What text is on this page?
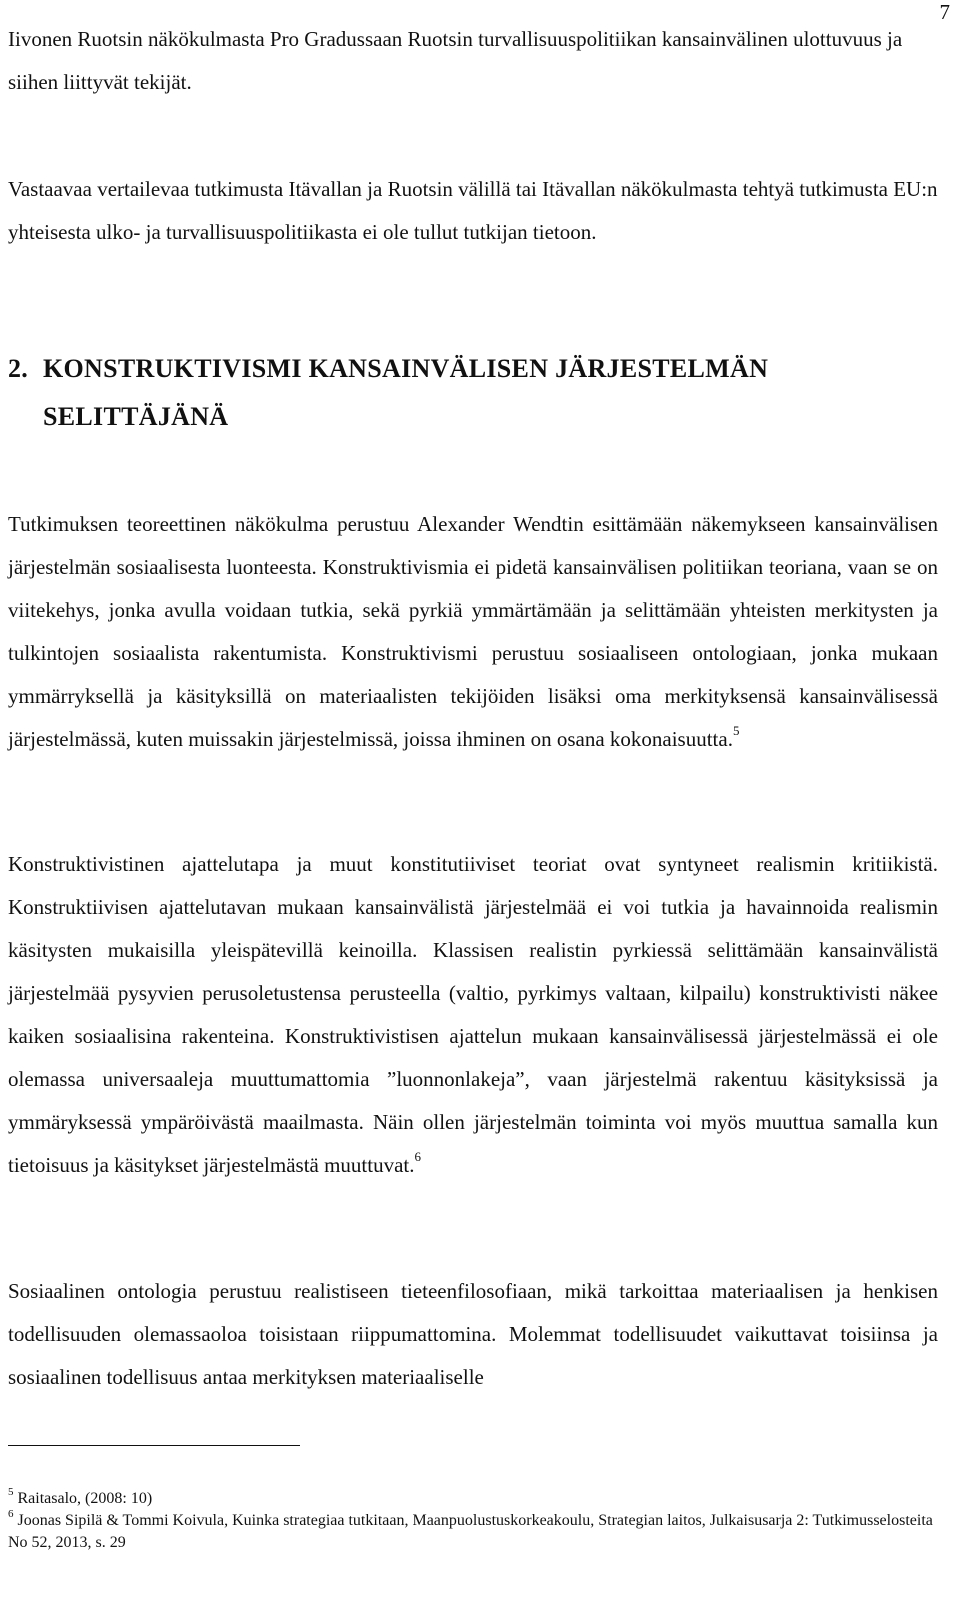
7

Iivonen Ruotsin näkökulmasta Pro Gradussaan Ruotsin turvallisuuspolitiikan kansainvälinen ulottuvuus ja siihen liittyvät tekijät.

Vastaavaa vertailevaa tutkimusta Itävallan ja Ruotsin välillä tai Itävallan näkökulmasta tehtyä tutkimusta EU:n yhteisesta ulko- ja turvallisuuspolitiikasta ei ole tullut tutkijan tietoon.

2. KONSTRUKTIVISMI KANSAINVÄLISEN JÄRJESTELMÄN
SELITTÄJÄNÄ

Tutkimuksen teoreettinen näkökulma perustuu Alexander Wendtin esittämään näkemykseen kansainvälisen järjestelmän sosiaalisesta luonteesta. Konstruktivismia ei pidetä kansainvälisen politiikan teoriana, vaan se on viitekehys, jonka avulla voidaan tutkia, sekä pyrkiä ymmärtämään ja selittämään yhteisten merkitysten ja tulkintojen sosiaalista rakentumista. Konstruktivismi perustuu sosiaaliseen ontologiaan, jonka mukaan ymmärryksellä ja käsityksillä on materiaalisten tekijöiden lisäksi oma merkityksensä kansainvälisessä järjestelmässä, kuten muissakin järjestelmissä, joissa ihminen on osana kokonaisuutta.$^5$

Konstruktivistinen ajattelutapa ja muut konstitutiiviset teoriat ovat syntyneet realismin kritiikistä. Konstruktiivisen ajattelutavan mukaan kansainvälistä järjestelmää ei voi tutkia ja havainnoida realismin käsitysten mukaisilla yleispätevillä keinoilla. Klassisen realistin pyrkiessä selittämään kansainvälistä järjestelmää pysyvien perusoletustensa perusteella (valtio, pyrkimys valtaan, kilpailu) konstruktivisti näkee kaiken sosiaalisina rakenteina. Konstruktivistisen ajattelun mukaan kansainvälisessä järjestelmässä ei ole olemassa universaaleja muuttumattomia ”luonnonlakeja”, vaan järjestelmä rakentuu käsityksissä ja ymmäryksessä ympäröivästä maailmasta. Näin ollen järjestelmän toiminta voi myös muuttua samalla kun tietoisuus ja käsitykset järjestelmästä muuttuvat.$^6$

Sosiaalinen ontologia perustuu realistiseen tieteenfilosofiaan, mikä tarkoittaa materiaalisen ja henkisen todellisuuden olemassaoloa toisistaan riippumattomina. Molemmat todellisuudet vaikuttavat toisiinsa ja sosiaalinen todellisuus antaa merkityksen materiaaliselle

$^5$ Raitasalo, (2008: 10)

$^6$ Joonas Sipilä & Tommi Koivula, Kuinka strategiaa tutkitaan, Maanpuolustuskorkeakoulu, Strategian laitos, Julkaisusarja 2: Tutkimusselosteita No 52, 2013, s. 29
